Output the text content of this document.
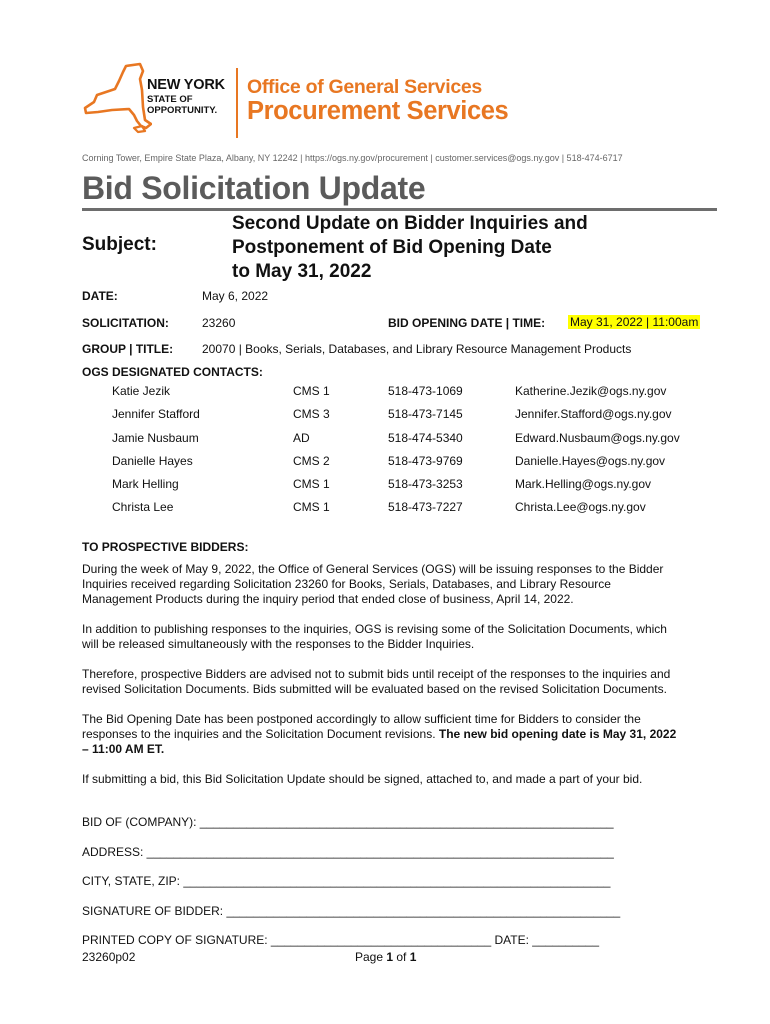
NEW YORK
STATE OF
OPPORTUNITY.
Office of General Services
Procurement Services
Corning Tower, Empire State Plaza, Albany, NY 12242 | https://ogs.ny.gov/procurement | customer.services@ogs.ny.gov | 518-474-6717
Bid Solicitation Update
Subject:
Second Update on Bidder Inquiries and
Postponement of Bid Opening Date
to May 31, 2022
DATE:	May 6, 2022
SOLICITATION:	23260	BID OPENING DATE | TIME: May 31, 2022 | 11:00am
GROUP | TITLE: 20070 | Books, Serials, Databases, and Library Resource Management Products
OGS DESIGNATED CONTACTS:
Katie Jezik	CMS 1	518-473-1069	Katherine.Jezik@ogs.ny.gov
Jennifer Stafford	CMS 3	518-473-7145	Jennifer.Stafford@ogs.ny.gov
Jamie Nusbaum	AD	518-474-5340	Edward.Nusbaum@ogs.ny.gov
Danielle Hayes	CMS 2	518-473-9769	Danielle.Hayes@ogs.ny.gov
Mark Helling	CMS 1	518-473-3253	Mark.Helling@ogs.ny.gov
Christa Lee	CMS 1	518-473-7227	Christa.Lee@ogs.ny.gov
TO PROSPECTIVE BIDDERS:

During the week of May 9, 2022, the Office of General Services (OGS) will be issuing responses to the Bidder Inquiries received regarding Solicitation 23260 for Books, Serials, Databases, and Library Resource Management Products during the inquiry period that ended close of business, April 14, 2022.

In addition to publishing responses to the inquiries, OGS is revising some of the Solicitation Documents, which will be released simultaneously with the responses to the Bidder Inquiries.

Therefore, prospective Bidders are advised not to submit bids until receipt of the responses to the inquiries and revised Solicitation Documents. Bids submitted will be evaluated based on the revised Solicitation Documents.

The Bid Opening Date has been postponed accordingly to allow sufficient time for Bidders to consider the responses to the inquiries and the Solicitation Document revisions. The new bid opening date is May 31, 2022 – 11:00 AM ET.

If submitting a bid, this Bid Solicitation Update should be signed, attached to, and made a part of your bid.

BID OF (COMPANY): ______________________________________________________________
ADDRESS: ______________________________________________________________________
CITY, STATE, ZIP: ________________________________________________________________
SIGNATURE OF BIDDER: ___________________________________________________________
PRINTED COPY OF SIGNATURE: _________________________________ DATE: __________
23260p02	Page 1 of 1
